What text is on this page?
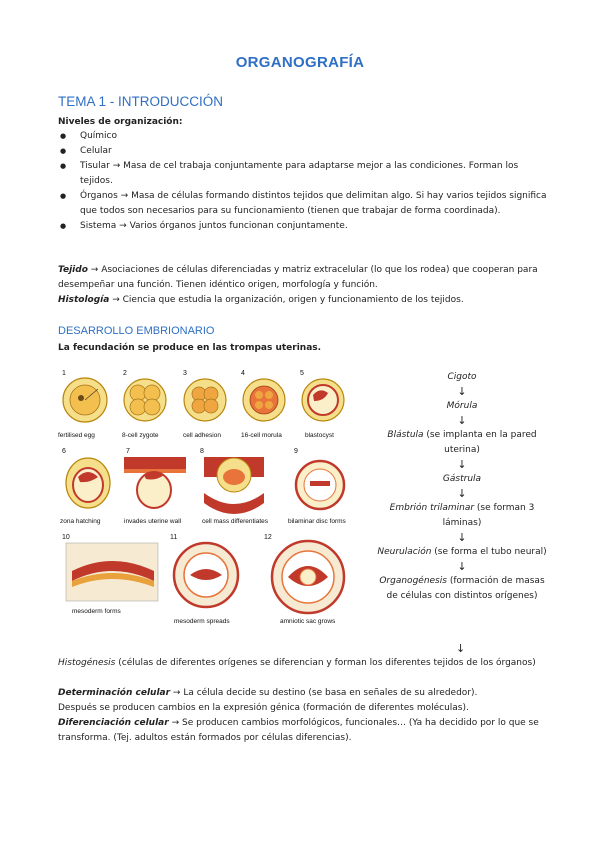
ORGANOGRAFÍA
TEMA 1 - INTRODUCCIÓN
Niveles de organización:
● Químico
● Celular
● Tisular → Masa de cel trabaja conjuntamente para adaptarse mejor a las condiciones. Forman los tejidos.
● Órganos → Masa de células formando distintos tejidos que delimitan algo. Si hay varios tejidos significa que todos son necesarios para su funcionamiento (tienen que trabajar de forma coordinada).
● Sistema → Varios órganos juntos funcionan conjuntamente.
Tejido → Asociaciones de células diferenciadas y matriz extracelular (lo que los rodea) que cooperan para desempeñar una función. Tienen idéntico origen, morfología y función.
Histología → Ciencia que estudia la organización, origen y funcionamiento de los tejidos.
DESARROLLO EMBRIONARIO
La fecundación se produce en las trompas uterinas.
1
fertilised egg
2
8-cell zygote
3
cell adhesion
4
16-cell morula
5
blastocyst
6
zona hatching
7
invades uterine wall
8
cell mass differentiates
9
bilaminar disc forms
10
mesoderm forms
11
mesoderm spreads
12
amniotic sac grows
Cigoto
↓
Mórula
↓
Blástula (se implanta en la pared uterina)
↓
Gástrula
↓
Embrión trilaminar (se forman 3 láminas)
↓
Neurulación (se forma el tubo neural)
↓
Organogénesis (formación de masas de células con distintos orígenes)
↓
Histogénesis (células de diferentes orígenes se diferencian y forman los diferentes tejidos de los órganos)
Determinación celular → La célula decide su destino (se basa en señales de su alrededor).
Después se producen cambios en la expresión génica (formación de diferentes moléculas).
Diferenciación celular → Se producen cambios morfológicos, funcionales… (Ya ha decidido por lo que se transforma. (Tej. adultos están formados por células diferencias).
